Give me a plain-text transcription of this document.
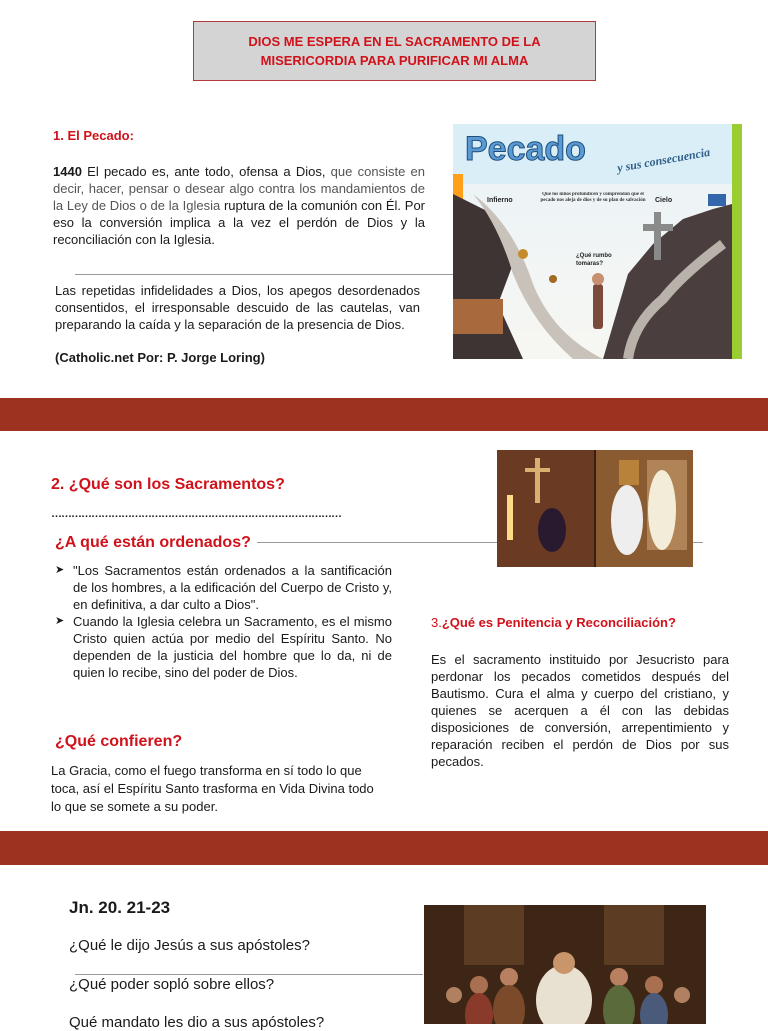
DIOS ME ESPERA EN EL SACRAMENTO DE LA
MISERICORDIA PARA PURIFICAR MI ALMA
1. El Pecado:
1440 El pecado es, ante todo, ofensa a Dios, que consiste en decir, hacer, pensar o desear algo contra los mandamientos de la Ley de Dios o de la Iglesia ruptura de la comunión con Él. Por eso la conversión implica a la vez el perdón de Dios y la reconciliación con la Iglesia.
Las repetidas infidelidades a Dios, los apegos desordenados consentidos, el irresponsable descuido de las cautelas, van preparando la caída y la separación de la presencia de Dios.
(Catholic.net Por: P. Jorge Loring)
Pecado	y sus consecuencia
Infierno	Cielo
Que los niños profundicen y comprendan que el pecado nos aleja de dios y de su plan de salvación
¿Qué rumbo tomaras?
2. ¿Qué son los Sacramentos?
……………………………………………………………………………
¿A qué están ordenados?
➤ "Los Sacramentos están ordenados a la santificación de los hombres, a la edificación del Cuerpo de Cristo y, en definitiva, a dar culto a Dios".
➤ Cuando la Iglesia celebra un Sacramento, es el mismo Cristo quien actúa por medio del Espíritu Santo. No dependen de la justicia del hombre que lo da, ni de quien lo recibe, sino del poder de Dios.
¿Qué confieren?
La Gracia, como el fuego transforma en sí todo lo que toca, así el Espíritu Santo trasforma en Vida Divina todo lo que se somete a su poder.
3.¿Qué es Penitencia y Reconciliación?
Es el sacramento instituido por Jesucristo para perdonar los pecados cometidos después del Bautismo. Cura el alma y cuerpo del cristiano, y quienes se acerquen a él con las debidas disposiciones de conversión, arrepentimiento y reparación reciben el perdón de Dios por sus pecados.
Jn. 20. 21-23
¿Qué le dijo Jesús a sus apóstoles?
¿Qué poder sopló sobre ellos?
Qué mandato les dio a sus apóstoles?
